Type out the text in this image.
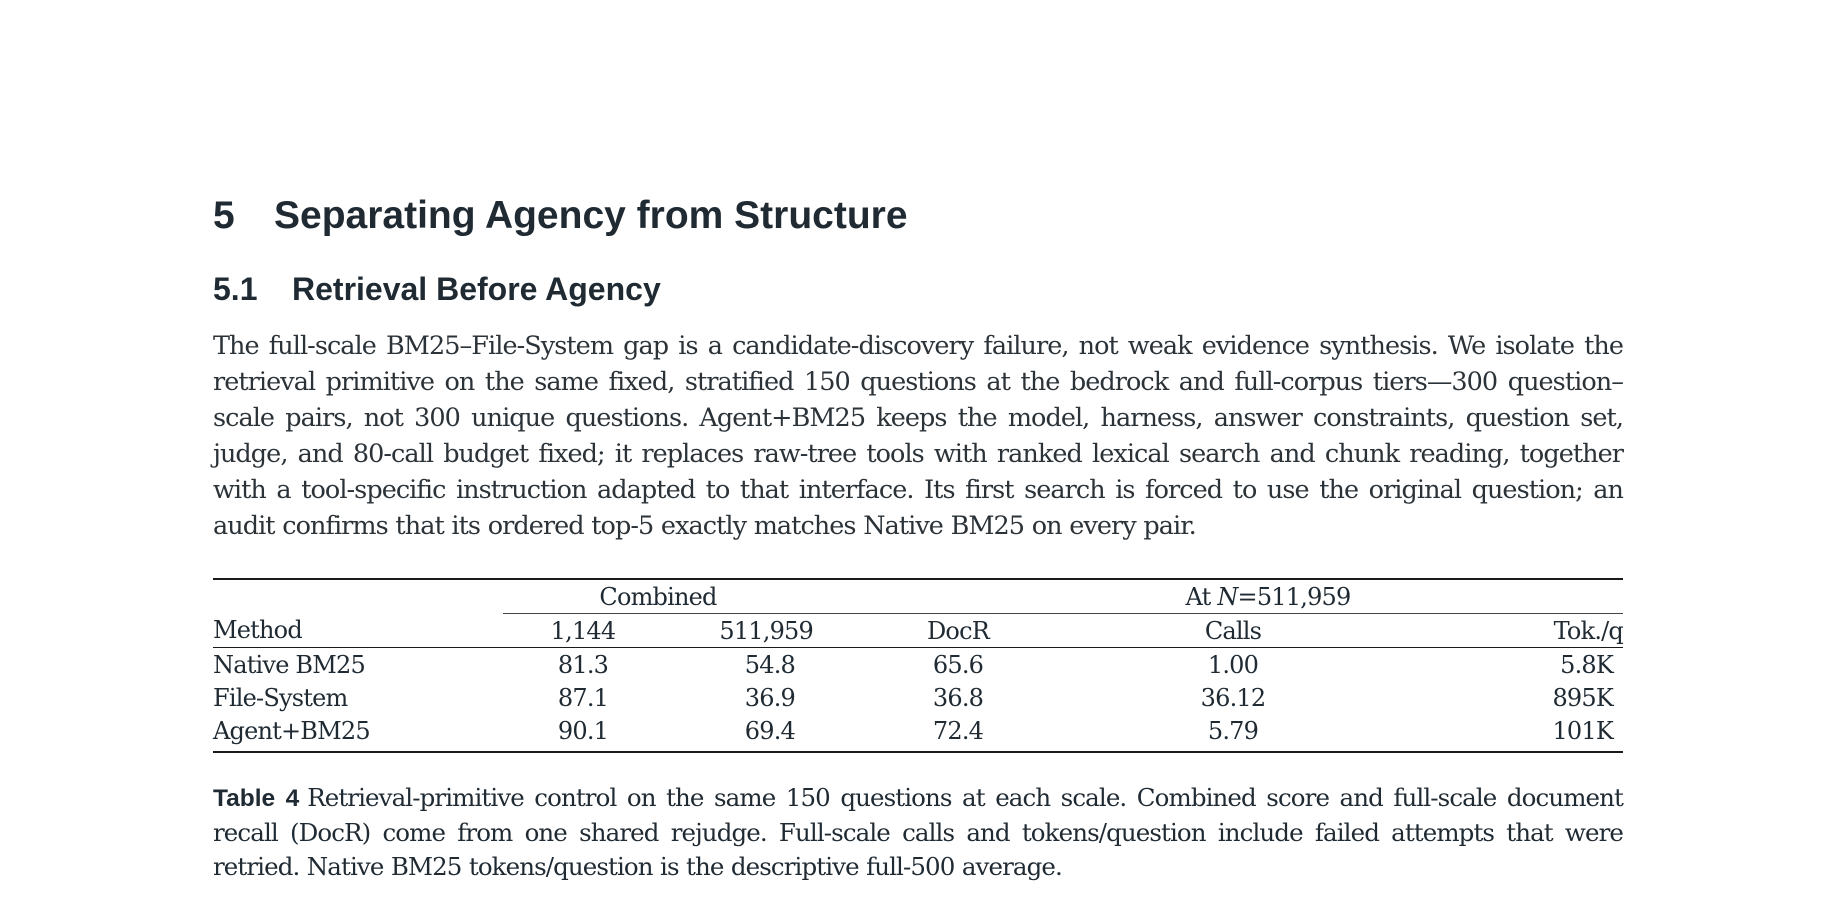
5 Separating Agency from Structure
5.1 Retrieval Before Agency

The full-scale BM25–File-System gap is a candidate-discovery failure, not weak evidence synthesis. We isolate the retrieval primitive on the same fixed, stratified 150 questions at the bedrock and full-corpus tiers—300 question–scale pairs, not 300 unique questions. Agent+BM25 keeps the model, harness, answer constraints, question set, judge, and 80-call budget fixed; it replaces raw-tree tools with ranked lexical search and chunk reading, together with a tool-specific instruction adapted to that interface. Its first search is forced to use the original question; an audit confirms that its ordered top-5 exactly matches Native BM25 on every pair.

	Combined		At N=511,959		
Method	1,144	511,959	DocR	Calls	Tok./q
Native BM25	81.3	54.8	65.6	1.00	5.8K
File-System	87.1	36.9	36.8	36.12	895K
Agent+BM25	90.1	69.4	72.4	5.79	101K
Table 4 Retrieval-primitive control on the same 150 questions at each scale. Combined score and full-scale document recall (DocR) come from one shared rejudge. Full-scale calls and tokens/question include failed attempts that were retried. Native BM25 tokens/question is the descriptive full-500 average.
